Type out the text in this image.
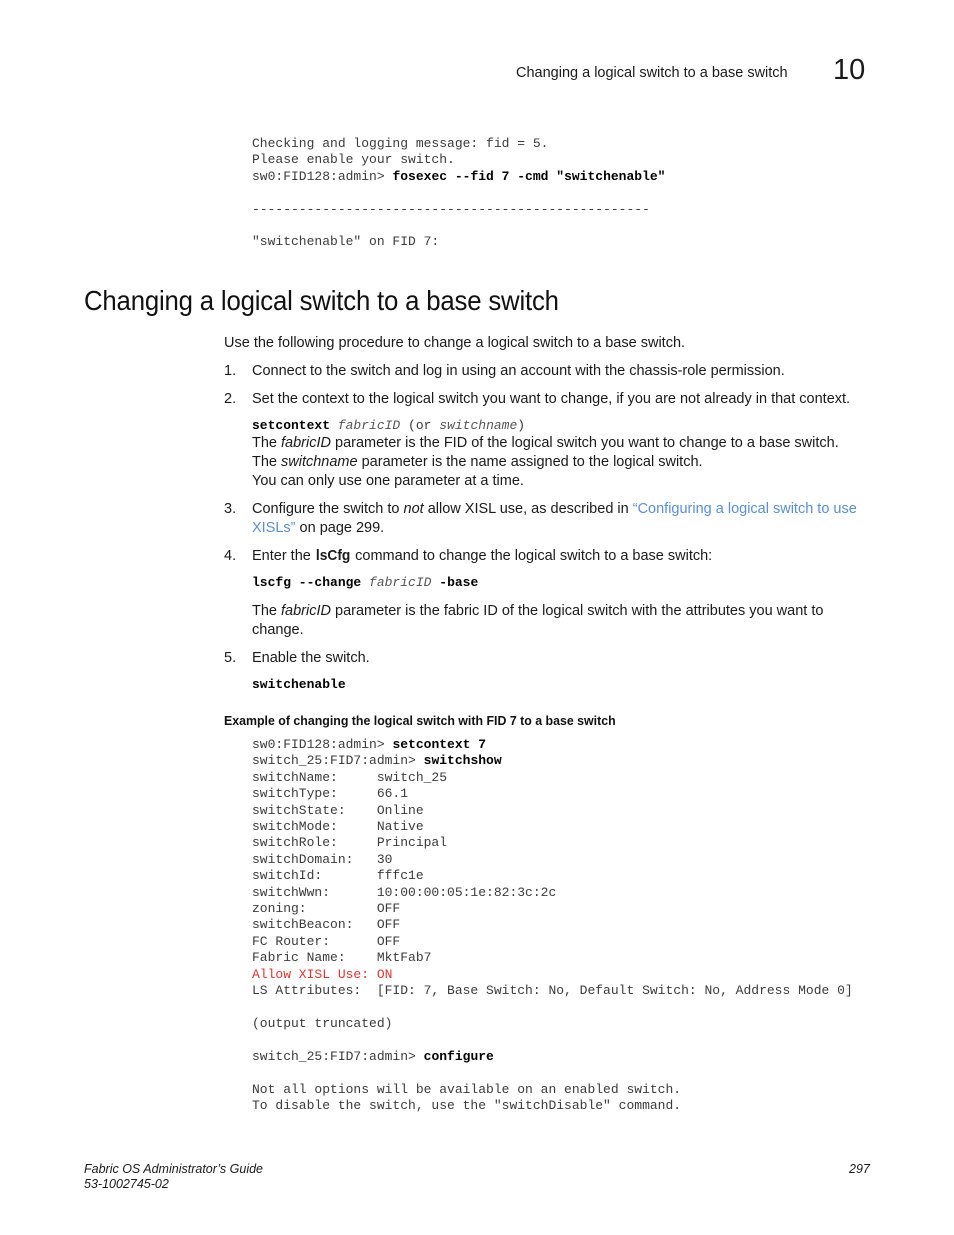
Changing a logical switch to a base switch 10
Checking and logging message: fid = 5.
Please enable your switch.
sw0:FID128:admin> fosexec --fid 7 -cmd "switchenable"

---------------------------------------------------

"switchenable" on FID 7:
Changing a logical switch to a base switch
Use the following procedure to change a logical switch to a base switch.
1. Connect to the switch and log in using an account with the chassis-role permission.
2. Set the context to the logical switch you want to change, if you are not already in that context.
setcontext fabricID (or switchname)
The fabricID parameter is the FID of the logical switch you want to change to a base switch.
The switchname parameter is the name assigned to the logical switch.
You can only use one parameter at a time.
3. Configure the switch to not allow XISL use, as described in “Configuring a logical switch to use XISLs” on page 299.
4. Enter the lsCfg command to change the logical switch to a base switch:
lscfg --change fabricID -base
The fabricID parameter is the fabric ID of the logical switch with the attributes you want to change.
5. Enable the switch.
switchenable
Example of changing the logical switch with FID 7 to a base switch
sw0:FID128:admin> setcontext 7
switch_25:FID7:admin> switchshow
switchName:     switch_25
switchType:     66.1
switchState:    Online
switchMode:     Native
switchRole:     Principal
switchDomain:   30
switchId:       fffc1e
switchWwn:      10:00:00:05:1e:82:3c:2c
zoning:         OFF
switchBeacon:   OFF
FC Router:      OFF
Fabric Name:    MktFab7
Allow XISL Use: ON
LS Attributes:  [FID: 7, Base Switch: No, Default Switch: No, Address Mode 0]

(output truncated)

switch_25:FID7:admin> configure

Not all options will be available on an enabled switch.
To disable the switch, use the "switchDisable" command.
Fabric OS Administrator’s Guide
53-1002745-02
297
